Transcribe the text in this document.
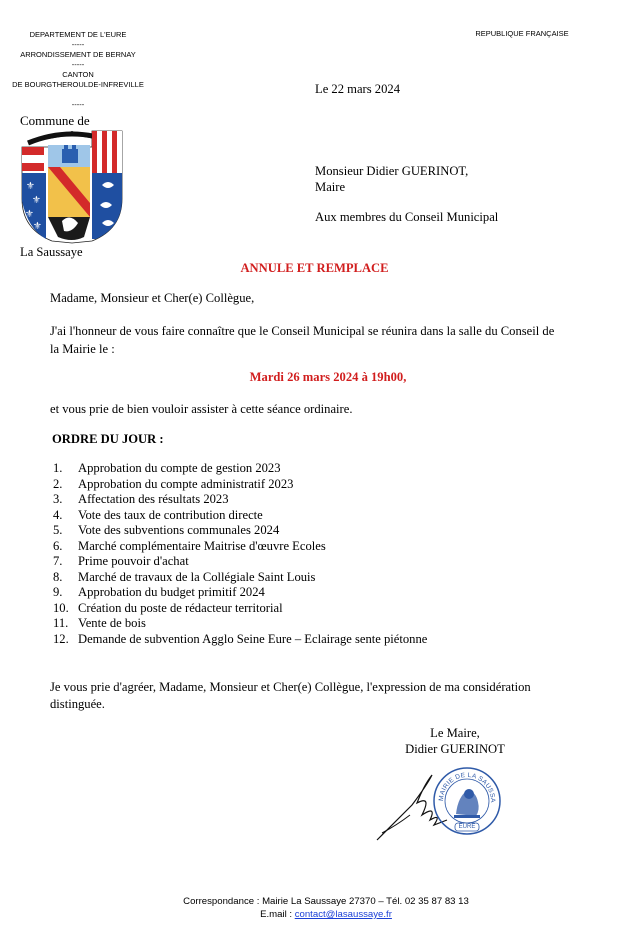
DEPARTEMENT DE L'EURE
-----
ARRONDISSEMENT DE BERNAY
-----
CANTON
DE BOURGTHEROULDE-INFREVILLE
-----
REPUBLIQUE FRANÇAISE
Commune de
⚜
⚜
⚜
⚜
La Saussaye
Le 22 mars 2024
Monsieur Didier GUERINOT,
Maire
Aux membres du Conseil Municipal
ANNULE ET REMPLACE
Madame, Monsieur et Cher(e) Collègue,
J'ai l'honneur de vous faire connaître que le Conseil Municipal se réunira dans la salle du Conseil de
la Mairie le :
Mardi 26 mars 2024 à 19h00,
et vous prie de bien vouloir assister à cette séance ordinaire.
ORDRE DU JOUR :
1. Approbation du compte de gestion 2023
2. Approbation du compte administratif 2023
3. Affectation des résultats 2023
4. Vote des taux de contribution directe
5. Vote des subventions communales 2024
6. Marché complémentaire Maitrise d'œuvre Ecoles
7. Prime pouvoir d'achat
8. Marché de travaux de la Collégiale Saint Louis
9. Approbation du budget primitif 2024
10. Création du poste de rédacteur territorial
11. Vente de bois
12. Demande de subvention Agglo Seine Eure – Eclairage sente piétonne
Je vous prie d'agréer, Madame, Monsieur et Cher(e) Collègue, l'expression de ma considération
distinguée.
Le Maire,
Didier GUERINOT
MAIRIE DE LA SAUSSA
EURE
Correspondance : Mairie La Saussaye 27370 – Tél. 02 35 87 83 13
E.mail : contact@lasaussaye.fr
